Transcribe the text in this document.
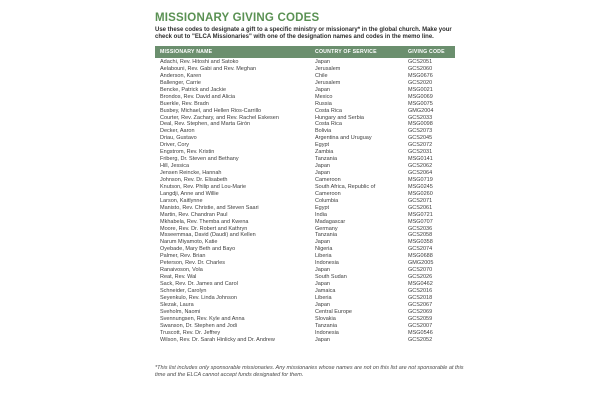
MISSIONARY GIVING CODES
Use these codes to designate a gift to a specific ministry or missionary* in the global church. Make your check out to "ELCA Missionaries" with one of the designation names and codes in the memo line.
MISSIONARY NAME	COUNTRY OF SERVICE	GIVING CODE
Adachi, Rev. Hitoshi and Satoko	Japan	GCS2051
Aelabouni, Rev. Gabi and Rev. Meghan	Jerusalem	GCS2060
Anderson, Karen	Chile	MSG0676
Ballenger, Carrie	Jerusalem	GCS2020
Bencke, Patrick and Jackie	Japan	MSG0021
Brondos, Rev. David and Alicia	Mexico	MSG0069
Buerkle, Rev. Bradn	Russia	MSG0075
Busbey, Michael, and Hellen Rios-Carrillo	Costa Rica	GMG2004
Courter, Rev. Zachary, and Rev. Rachel Eskesen	Hungary and Serbia	GCS2033
Deal, Rev. Stephen, and Marta Girón	Costa Rica	MSG0098
Decker, Aaron	Bolivia	GCS2073
Driau, Gustavo	Argentina and Uruguay	GCS2045
Driver, Cory	Egypt	GCS2072
Engstrom, Rev. Kristin	Zambia	GCS2031
Friberg, Dr. Steven and Bethany	Tanzania	MSG0141
Hill, Jessica	Japan	GCS2062
Jensen Reincke, Hannah	Japan	GCS2064
Johnson, Rev. Dr. Elisabeth	Cameroon	MSG0719
Knutson, Rev. Philip and Lou-Marie	South Africa, Republic of	MSG0245
Langdji, Anne and Willie	Cameroon	MSG0260
Larson, Kaitlynne	Columbia	GCS2071
Manisto, Rev. Christie, and Steven Saari	Egypt	GCS2061
Martin, Rev. Chandran Paul	India	MSG0721
Mkhabela, Rev. Themba and Kwena	Madagascar	MSG0707
Moore, Rev. Dr. Robert and Kathryn	Germany	GCS2036
Msseemmaa, David (Daudi) and Kellen	Tanzania	GCS2058
Narum Miyamoto, Katie	Japan	MSG0358
Oyebade, Mary Beth and Bayo	Nigeria	GCS2074
Palmer, Rev. Brian	Liberia	MSG0688
Peterson, Rev. Dr. Charles	Indonesia	GMG2005
Ranaivoson, Vola	Japan	GCS2070
Reat, Rev. Wal	South Sudan	GCS2026
Sack, Rev. Dr. James and Carol	Japan	MSG0462
Schneider, Carolyn	Jamaica	GCS2016
Seyenkulo, Rev. Linda Johnson	Liberia	GCS2018
Slezak, Laura	Japan	GCS2067
Sveholm, Naomi	Central Europe	GCS2069
Svennungsen, Rev. Kyle and Anna	Slovakia	GCS2059
Swanson, Dr. Stephen and Jodi	Tanzania	GCS2007
Truscott, Rev. Dr. Jeffrey	Indonesia	MSG0546
Wilson, Rev. Dr. Sarah Hinlicky and Dr. Andrew	Japan	GCS2052
*This list includes only sponsorable missionaries. Any missionaries whose names are not on this list are not sponsorable at this time and the ELCA cannot accept funds designated for them.
